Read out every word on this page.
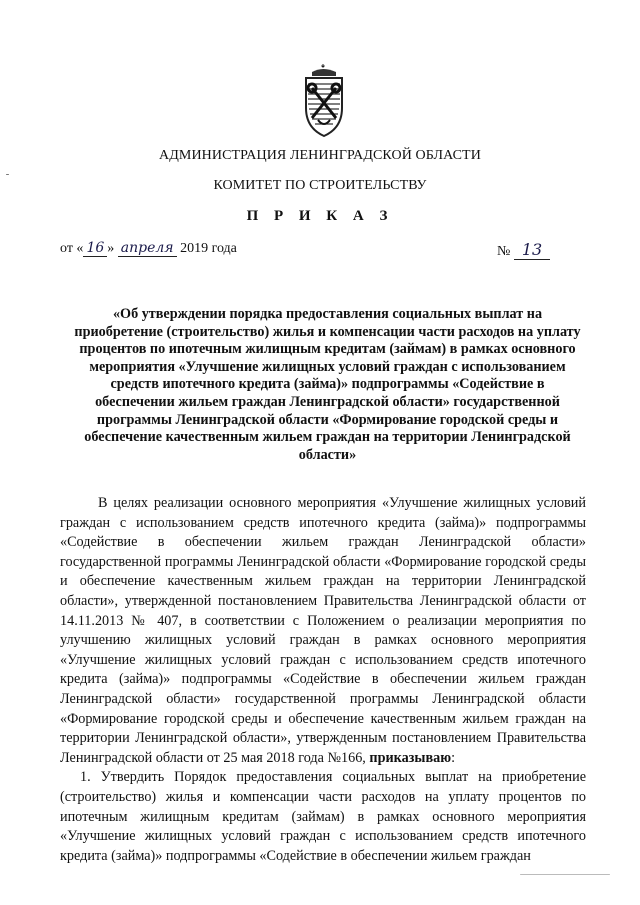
АДМИНИСТРАЦИЯ ЛЕНИНГРАДСКОЙ ОБЛАСТИ
КОМИТЕТ ПО СТРОИТЕЛЬСТВУ
П Р И К А З
от « 16 » апреля 2019 года	№ 13
«Об утверждении порядка предоставления социальных выплат на приобретение (строительство) жилья и компенсации части расходов на уплату процентов по ипотечным жилищным кредитам (займам) в рамках основного мероприятия «Улучшение жилищных условий граждан с использованием средств ипотечного кредита (займа)» подпрограммы «Содействие в обеспечении жильем граждан Ленинградской области» государственной программы Ленинградской области «Формирование городской среды и обеспечение качественным жильем граждан на территории Ленинградской области»

В целях реализации основного мероприятия «Улучшение жилищных условий граждан с использованием средств ипотечного кредита (займа)» подпрограммы «Содействие в обеспечении жильем граждан Ленинградской области» государственной программы Ленинградской области «Формирование городской среды и обеспечение качественным жильем граждан на территории Ленинградской области», утвержденной постановлением Правительства Ленинградской области от 14.11.2013 № 407, в соответствии с Положением о реализации мероприятия по улучшению жилищных условий граждан в рамках основного мероприятия «Улучшение жилищных условий граждан с использованием средств ипотечного кредита (займа)» подпрограммы «Содействие в обеспечении жильем граждан Ленинградской области» государственной программы Ленинградской области «Формирование городской среды и обеспечение качественным жильем граждан на территории Ленинградской области», утвержденным постановлением Правительства Ленинградской области от 25 мая 2018 года №166, приказываю:

1. Утвердить Порядок предоставления социальных выплат на приобретение (строительство) жилья и компенсации части расходов на уплату процентов по ипотечным жилищным кредитам (займам) в рамках основного мероприятия «Улучшение жилищных условий граждан с использованием средств ипотечного кредита (займа)» подпрограммы «Содействие в обеспечении жильем граждан
